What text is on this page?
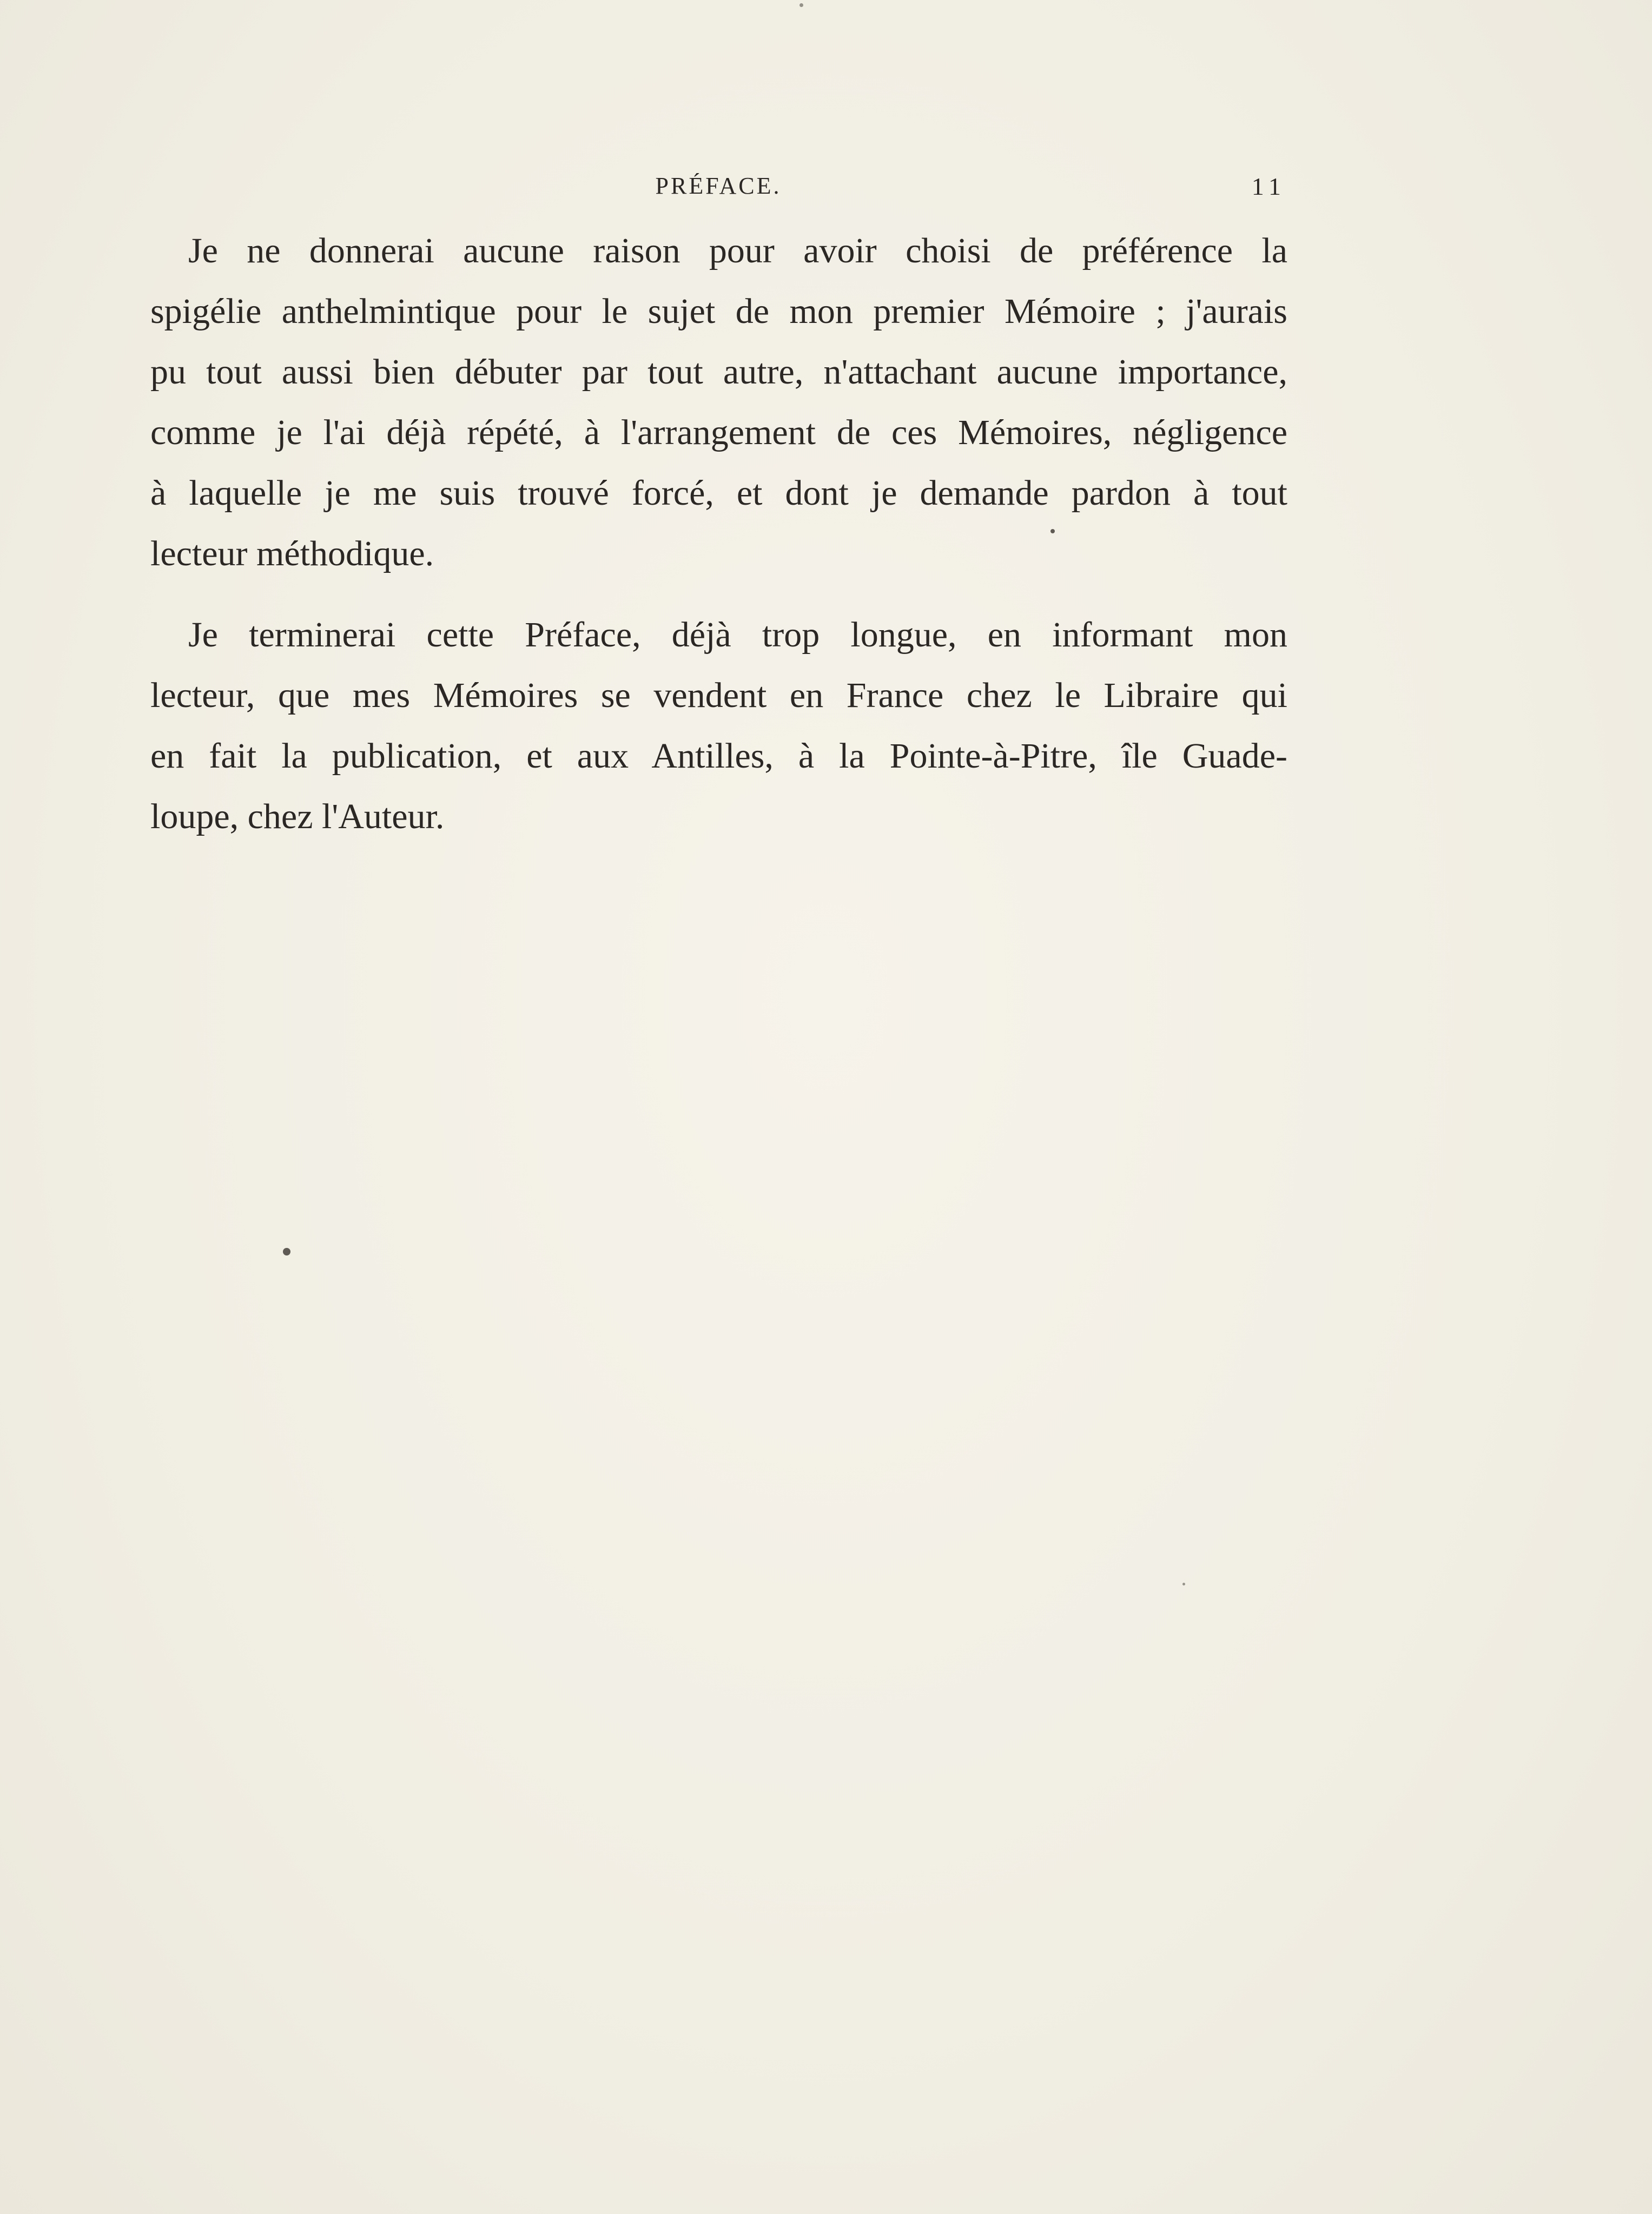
PRÉFACE.	11

Je ne donnerai aucune raison pour avoir choisi de préférence la
spigélie anthelmintique pour le sujet de mon premier Mémoire ; j'aurais
pu tout aussi bien débuter par tout autre, n'attachant aucune importance,
comme je l'ai déjà répété, à l'arrangement de ces Mémoires, négligence
à laquelle je me suis trouvé forcé, et dont je demande pardon à tout
lecteur méthodique.

Je terminerai cette Préface, déjà trop longue, en informant mon
lecteur, que mes Mémoires se vendent en France chez le Libraire qui
en fait la publication, et aux Antilles, à la Pointe-à-Pitre, île Guade-
loupe, chez l'Auteur.
